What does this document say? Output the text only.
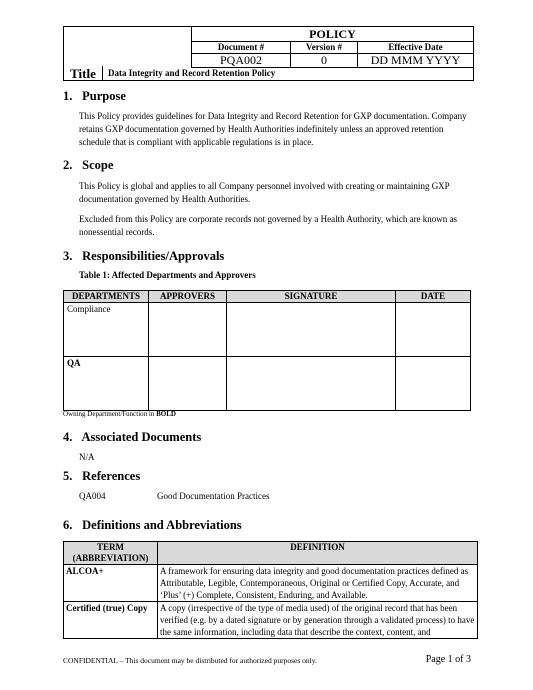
	POLICY		
	Document #	Version #	Effective Date
	PQA002	0	DD MMM YYYY
Title	Data Integrity and Record Retention Policy
1. Purpose
This Policy provides guidelines for Data Integrity and Record Retention for GXP documentation. Company retains GXP documentation governed by Health Authorities indefinitely unless an approved retention schedule that is compliant with applicable regulations is in place.
2. Scope
This Policy is global and applies to all Company personnel involved with creating or maintaining GXP documentation governed by Health Authorities.
Excluded from this Policy are corporate records not governed by a Health Authority, which are known as nonessential records.
3. Responsibilities/Approvals
Table 1: Affected Departments and Approvers
DEPARTMENTS	APPROVERS	SIGNATURE	DATE
Compliance			
QA			
Owning Department/Function in BOLD
4. Associated Documents
N/A
5. References
QA004	Good Documentation Practices
6. Definitions and Abbreviations
TERM (ABBREVIATION)	DEFINITION
ALCOA+	A framework for ensuring data integrity and good documentation practices defined as Attributable, Legible, Contemporaneous, Original or Certified Copy, Accurate, and ‘Plus’ (+) Complete, Consistent, Enduring, and Available.
Certified (true) Copy	A copy (irrespective of the type of media used) of the original record that has been verified (e.g. by a dated signature or by generation through a validated process) to have the same information, including data that describe the context, content, and
CONFIDENTIAL – This document may be distributed for authorized purposes only.	Page 1 of 3
